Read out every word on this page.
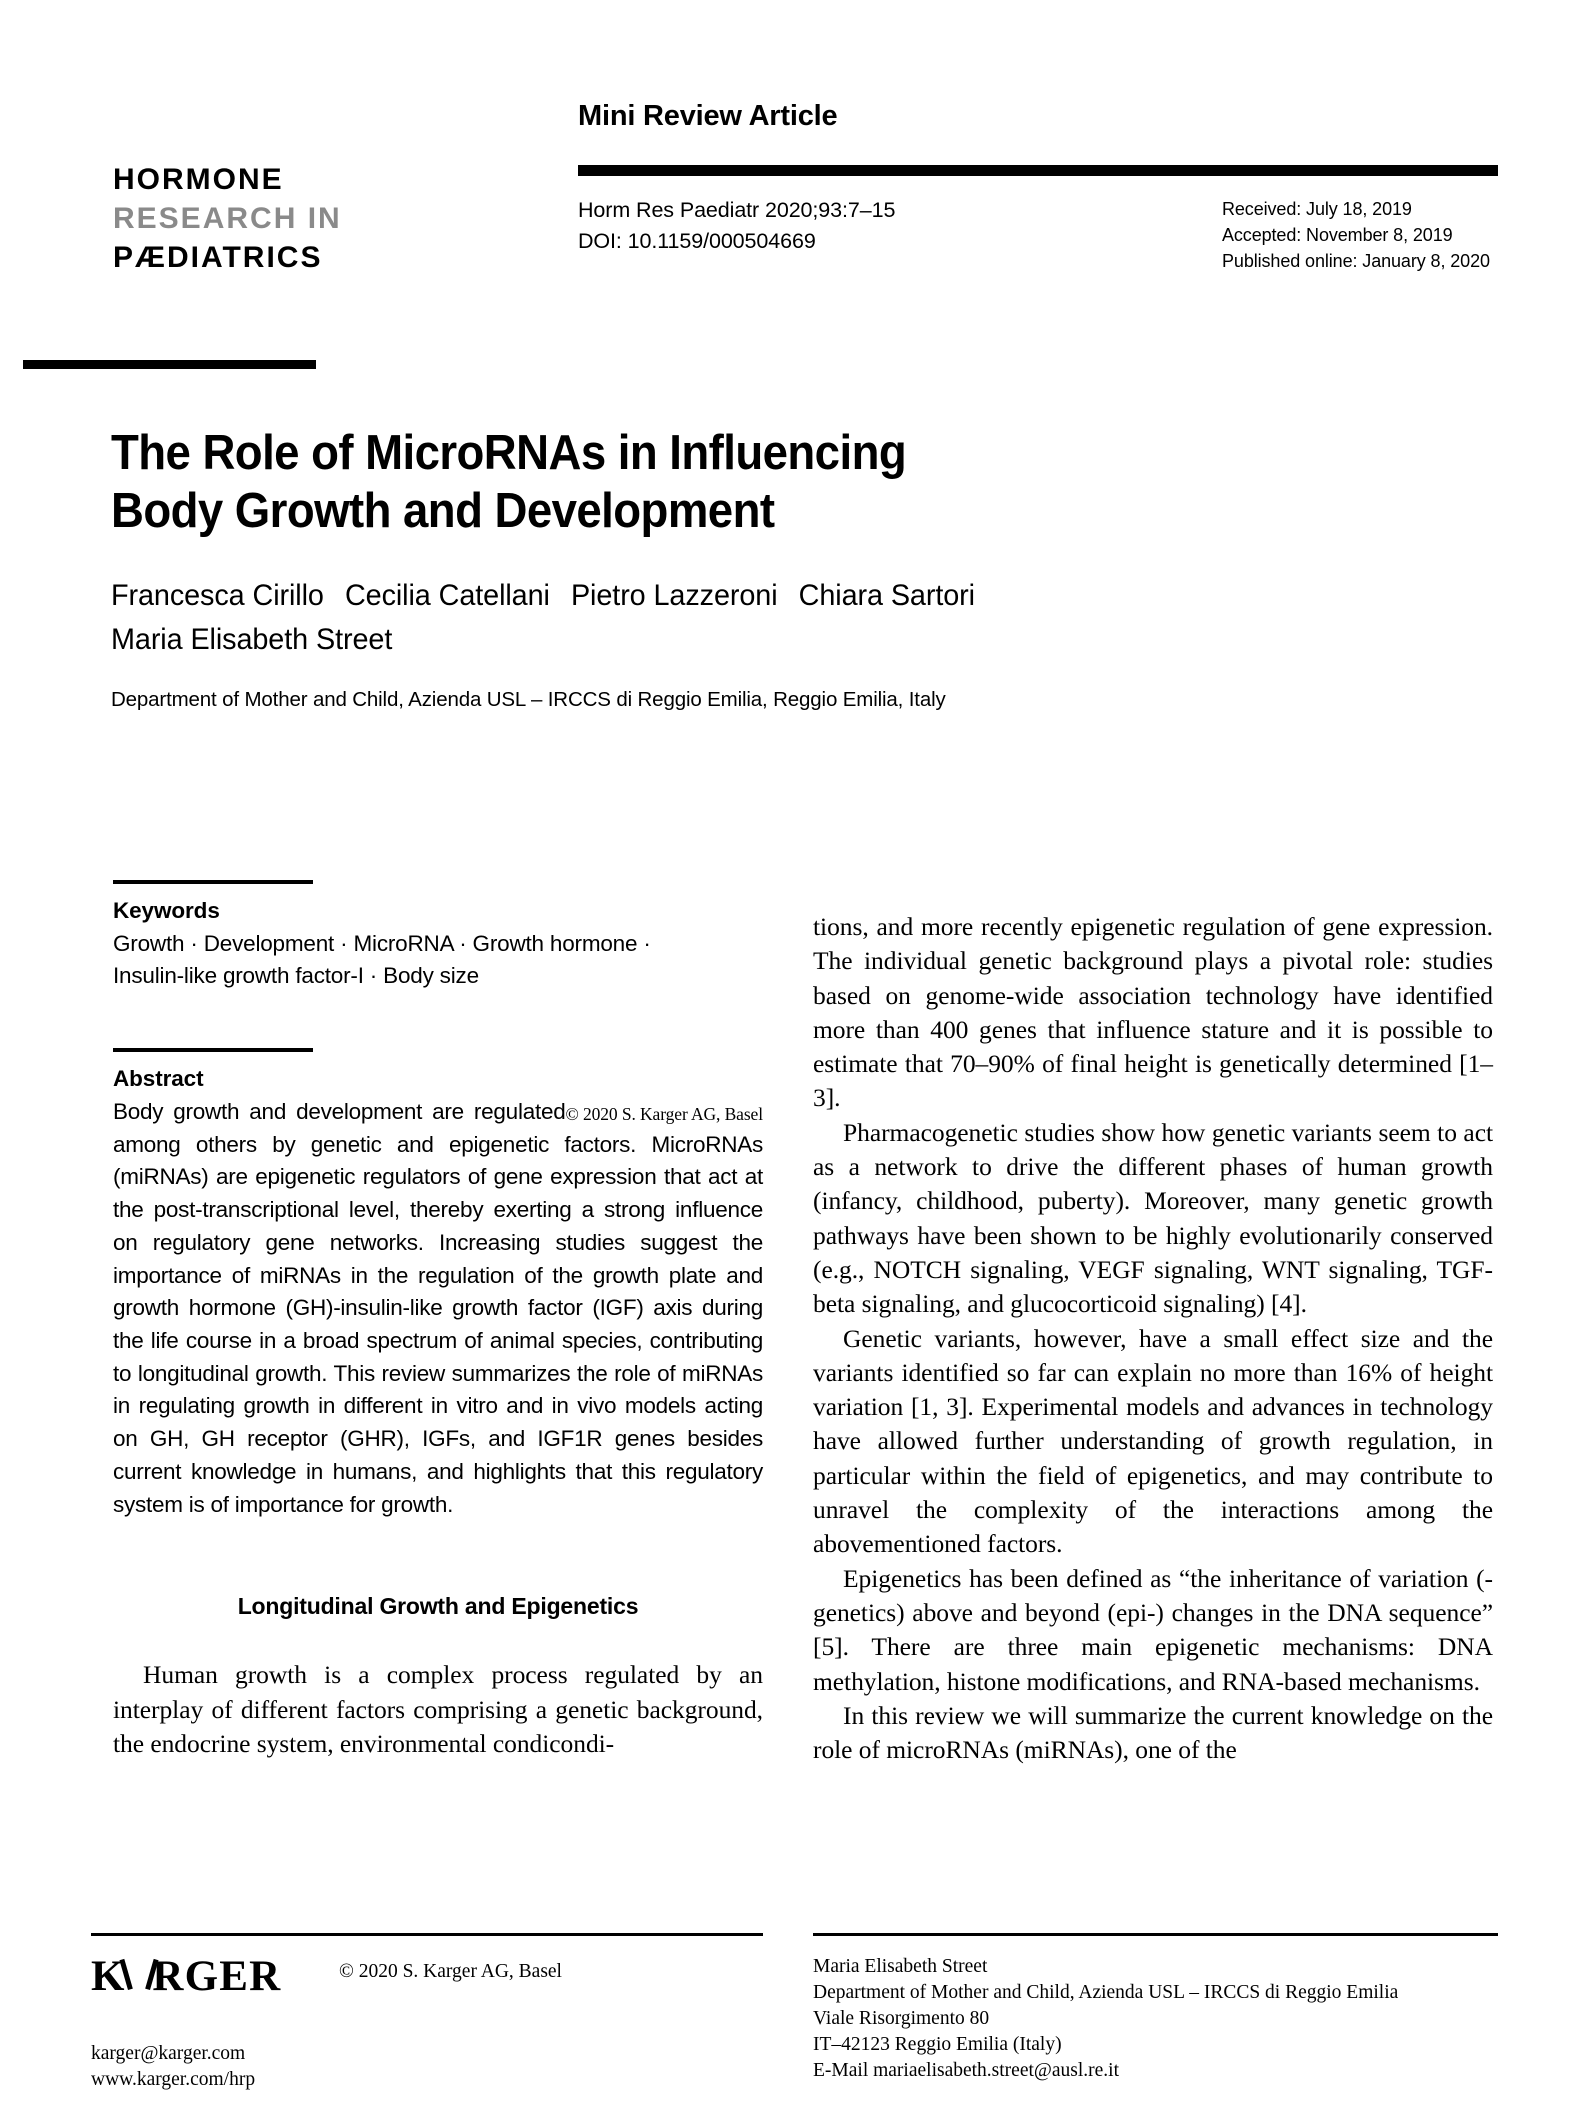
HORMONE
RESEARCH IN
PÆDIATRICS
Mini Review Article
Horm Res Paediatr 2020;93:7–15
DOI: 10.1159/000504669
Received: July 18, 2019
Accepted: November 8, 2019
Published online: January 8, 2020
The Role of MicroRNAs in Influencing
Body Growth and Development
Francesca Cirillo Cecilia Catellani Pietro Lazzeroni Chiara Sartori
Maria Elisabeth Street
Department of Mother and Child, Azienda USL – IRCCS di Reggio Emilia, Reggio Emilia, Italy
Keywords
Growth · Development · MicroRNA · Growth hormone ·
Insulin-like growth factor-I · Body size
Abstract

© 2020 S. Karger AG, Basel
Body growth and development are regulated among others by genetic and epigenetic factors. MicroRNAs (miRNAs) are epigenetic regulators of gene expression that act at the post-transcriptional level, thereby exerting a strong influence on regulatory gene networks. Increasing studies suggest the importance of miRNAs in the regulation of the growth plate and growth hormone (GH)-insulin-like growth factor (IGF) axis during the life course in a broad spectrum of animal species, contributing to longitudinal growth. This review summarizes the role of miRNAs in regulating growth in different in vitro and in vivo models acting on GH, GH receptor (GHR), IGFs, and IGF1R genes besides current knowledge in humans, and highlights that this regulatory system is of importance for growth.

Longitudinal Growth and Epigenetics

Human growth is a complex process regulated by an interplay of different factors comprising a genetic background, the endocrine system, environmental condicondi-

tions, and more recently epigenetic regulation of gene expression. The individual genetic background plays a pivotal role: studies based on genome-wide association technology have identified more than 400 genes that influence stature and it is possible to estimate that 70–90% of final height is genetically determined [1–3].

Pharmacogenetic studies show how genetic variants seem to act as a network to drive the different phases of human growth (infancy, childhood, puberty). Moreover, many genetic growth pathways have been shown to be highly evolutionarily conserved (e.g., NOTCH signaling, VEGF signaling, WNT signaling, TGF-beta signaling, and glucocorticoid signaling) [4].

Genetic variants, however, have a small effect size and the variants identified so far can explain no more than 16% of height variation [1, 3]. Experimental models and advances in technology have allowed further understanding of growth regulation, in particular within the field of epigenetics, and may contribute to unravel the complexity of the interactions among the abovementioned factors.

Epigenetics has been defined as “the inheritance of variation (-genetics) above and beyond (epi-) changes in the DNA sequence” [5]. There are three main epigenetic mechanisms: DNA methylation, histone modifications, and RNA-based mechanisms.

In this review we will summarize the current knowledge on the role of microRNAs (miRNAs), one of the

K RGER	© 2020 S. Karger AG, Basel
karger@karger.com
www.karger.com/hrp
Maria Elisabeth Street
Department of Mother and Child, Azienda USL – IRCCS di Reggio Emilia
Viale Risorgimento 80
IT–42123 Reggio Emilia (Italy)
E-Mail mariaelisabeth.street@ausl.re.it
